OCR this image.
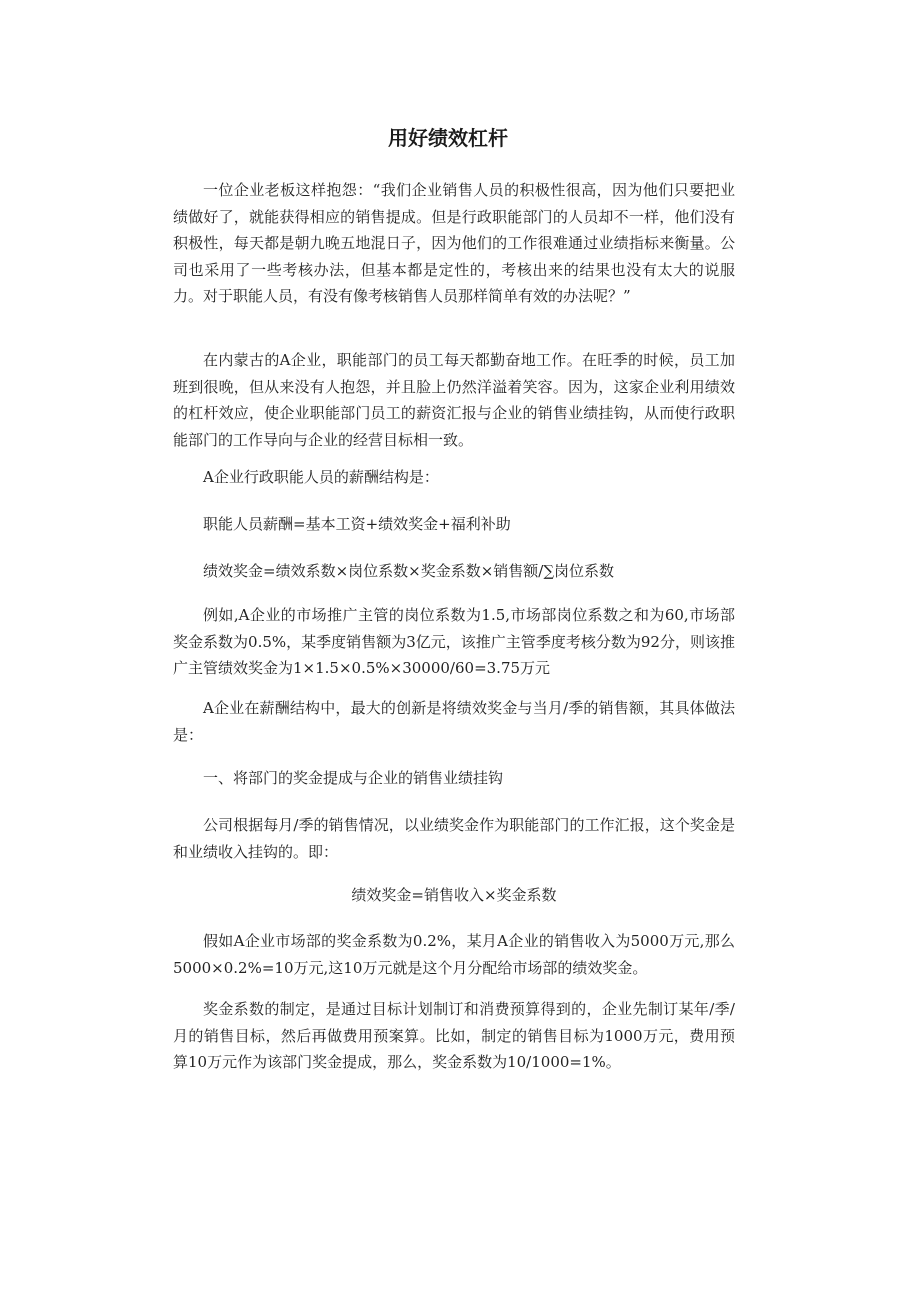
用好绩效杠杆

一位企业老板这样抱怨：“我们企业销售人员的积极性很高，因为他们只要把业绩做好了，就能获得相应的销售提成。但是行政职能部门的人员却不一样，他们没有积极性，每天都是朝九晚五地混日子，因为他们的工作很难通过业绩指标来衡量。公司也采用了一些考核办法，但基本都是定性的，考核出来的结果也没有太大的说服力。对于职能人员，有没有像考核销售人员那样简单有效的办法呢？”

在内蒙古的A企业，职能部门的员工每天都勤奋地工作。在旺季的时候，员工加班到很晚，但从来没有人抱怨，并且脸上仍然洋溢着笑容。因为，这家企业利用绩效的杠杆效应，使企业职能部门员工的薪资汇报与企业的销售业绩挂钩，从而使行政职能部门的工作导向与企业的经营目标相一致。

A企业行政职能人员的薪酬结构是：

职能人员薪酬=基本工资+绩效奖金+福利补助

绩效奖金=绩效系数×岗位系数×奖金系数×销售额/∑岗位系数

例如,A企业的市场推广主管的岗位系数为1.5,市场部岗位系数之和为60,市场部奖金系数为0.5%，某季度销售额为3亿元，该推广主管季度考核分数为92分，则该推广主管绩效奖金为1×1.5×0.5%×30000/60=3.75万元

A企业在薪酬结构中，最大的创新是将绩效奖金与当月/季的销售额，其具体做法是：

一、将部门的奖金提成与企业的销售业绩挂钩

公司根据每月/季的销售情况，以业绩奖金作为职能部门的工作汇报，这个奖金是和业绩收入挂钩的。即：

绩效奖金=销售收入×奖金系数

假如A企业市场部的奖金系数为0.2%，某月A企业的销售收入为5000万元,那么5000×0.2%=10万元,这10万元就是这个月分配给市场部的绩效奖金。

奖金系数的制定，是通过目标计划制订和消费预算得到的，企业先制订某年/季/月的销售目标，然后再做费用预案算。比如，制定的销售目标为1000万元，费用预算10万元作为该部门奖金提成，那么，奖金系数为10/1000=1%。
